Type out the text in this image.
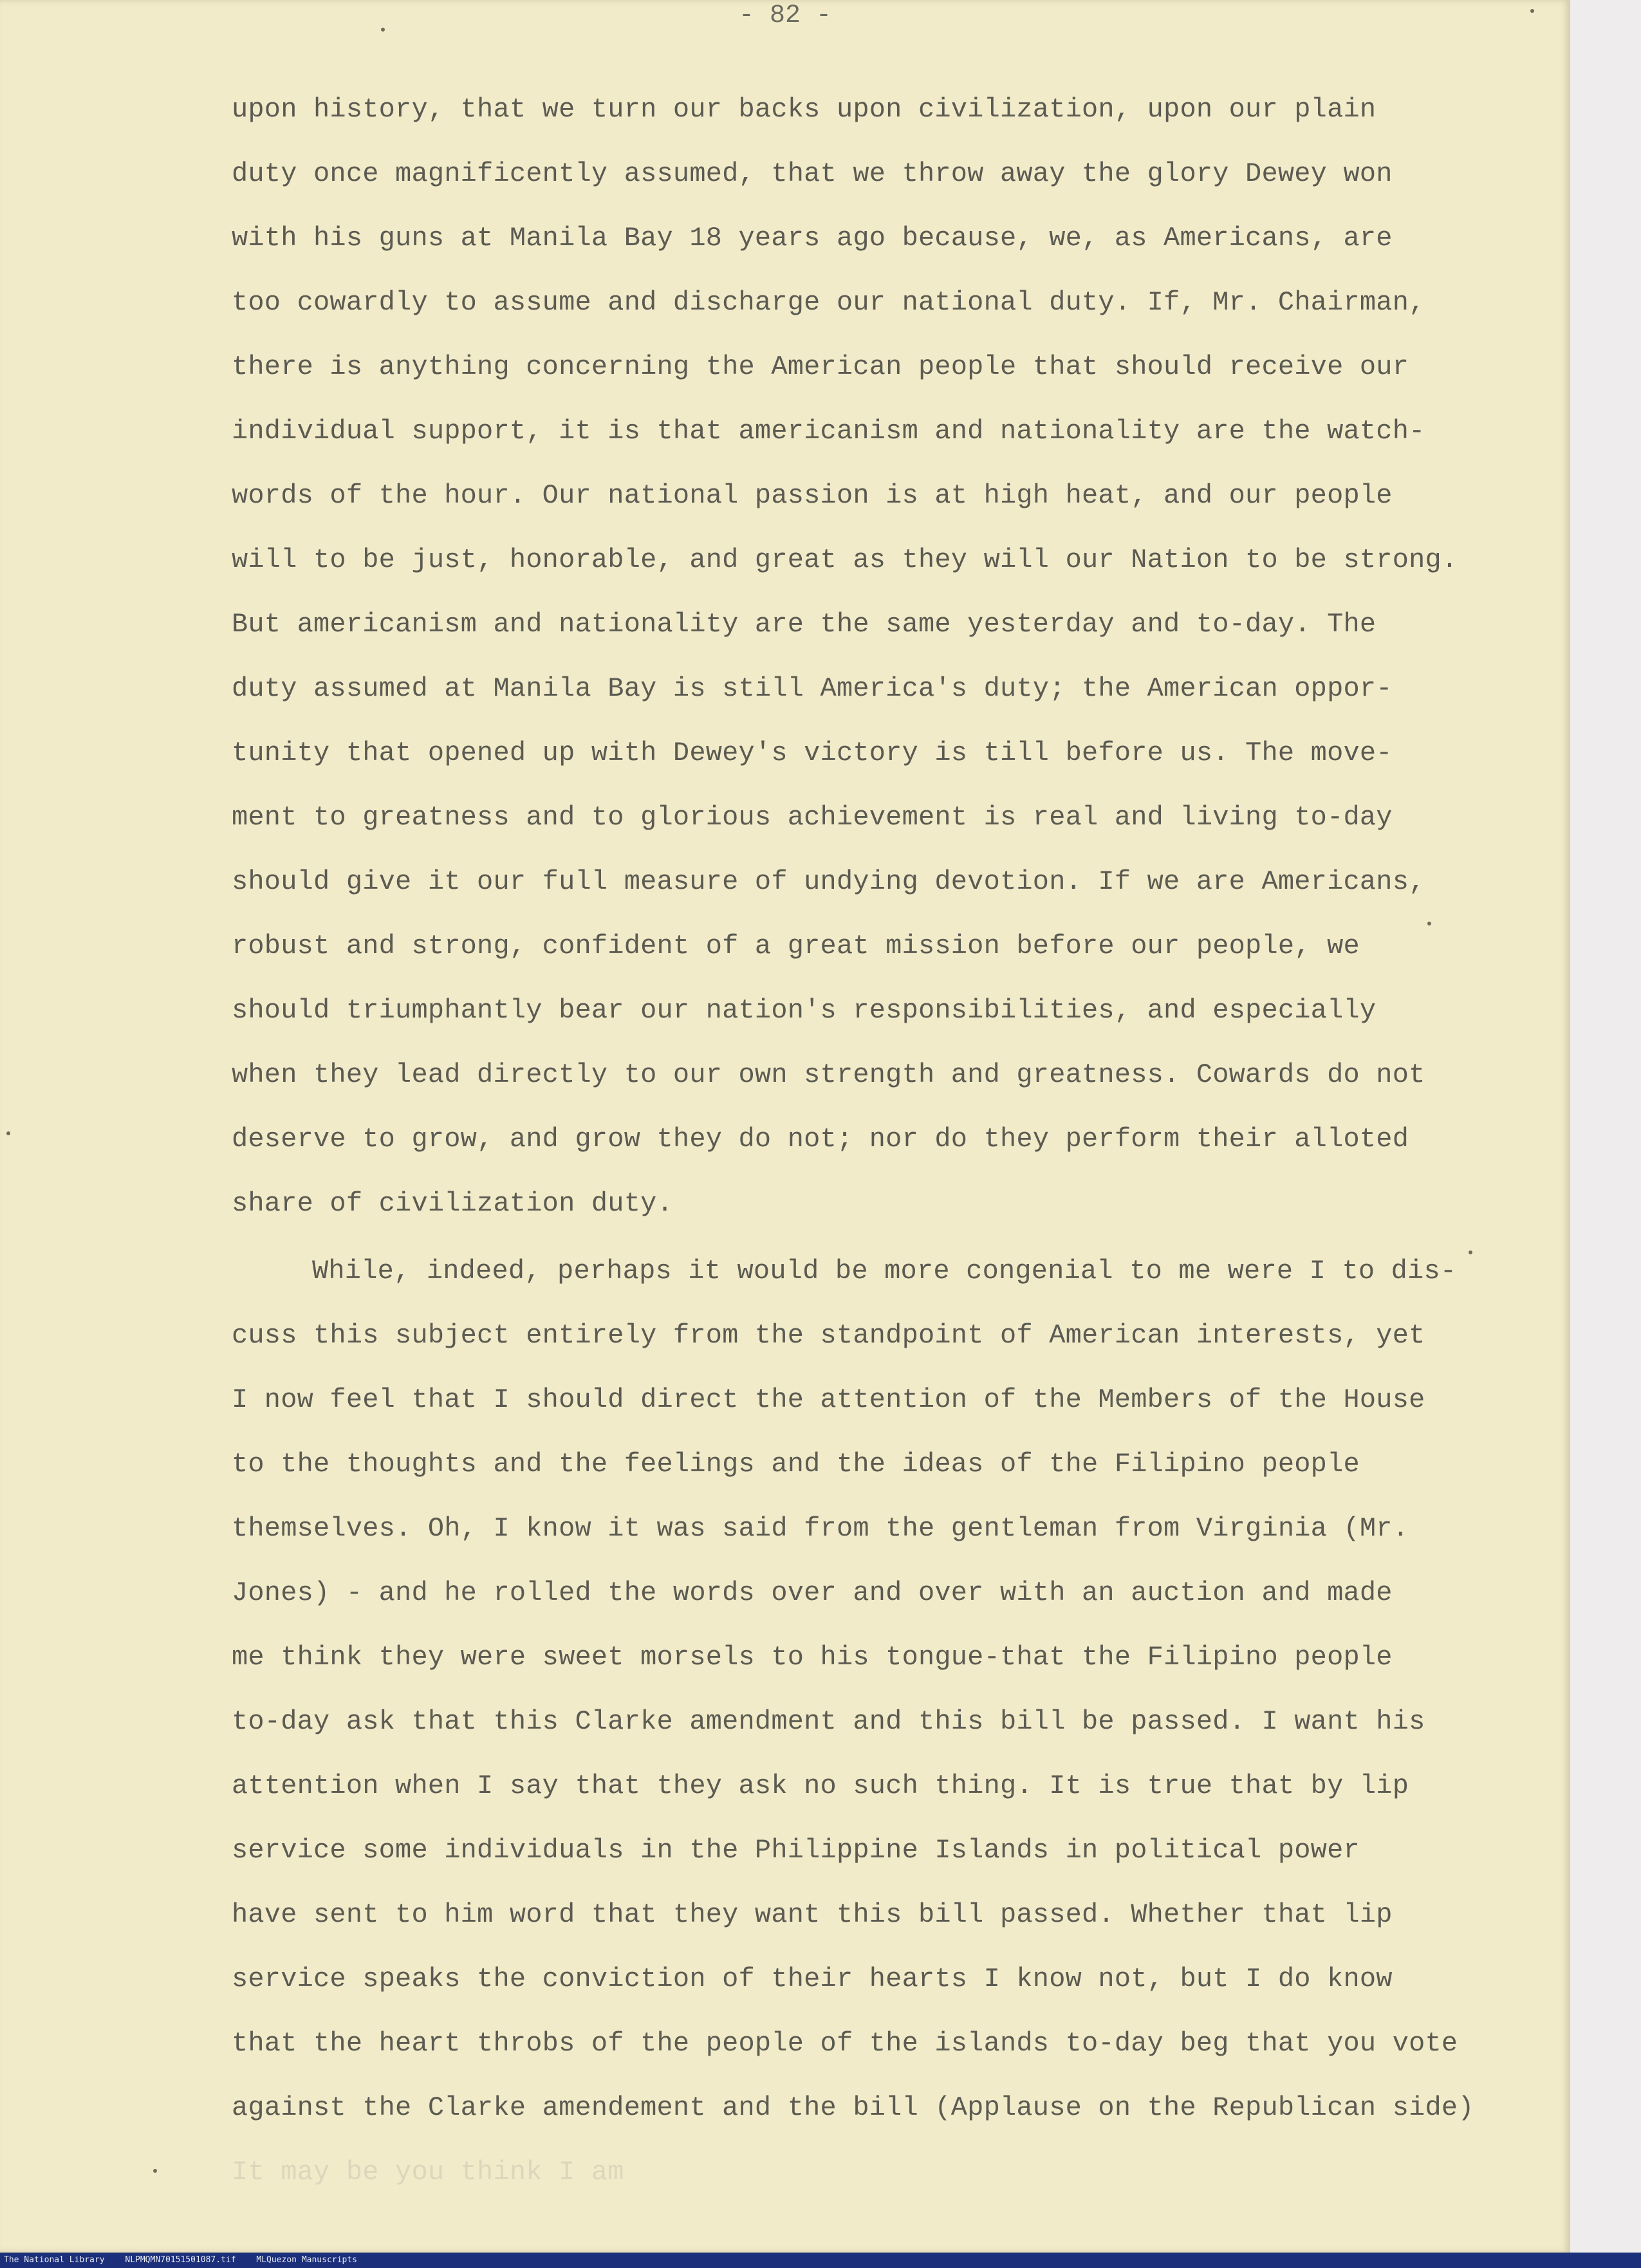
- 82 -
upon history, that we turn our backs upon civilization, upon our plain
duty once magnificently assumed, that we throw away the glory Dewey won
with his guns at Manila Bay 18 years ago because, we, as Americans, are
too cowardly to assume and discharge our national duty. If, Mr. Chairman,
there is anything concerning the American people that should receive our
individual support, it is that americanism and nationality are the watch-
words of the hour. Our national passion is at high heat, and our people
will to be just, honorable, and great as they will our Nation to be strong.
But americanism and nationality are the same yesterday and to-day. The
duty assumed at Manila Bay is still America's duty; the American oppor-
tunity that opened up with Dewey's victory is till before us. The move-
ment to greatness and to glorious achievement is real and living to-day
should give it our full measure of undying devotion. If we are Americans,
robust and strong, confident of a great mission before our people, we
should triumphantly bear our nation's responsibilities, and especially
when they lead directly to our own strength and greatness. Cowards do not
deserve to grow, and grow they do not; nor do they perform their alloted
share of civilization duty.
While, indeed, perhaps it would be more congenial to me were I to dis-
cuss this subject entirely from the standpoint of American interests, yet
I now feel that I should direct the attention of the Members of the House
to the thoughts and the feelings and the ideas of the Filipino people
themselves. Oh, I know it was said from the gentleman from Virginia (Mr.
Jones) - and he rolled the words over and over with an auction and made
me think they were sweet morsels to his tongue-that the Filipino people
to-day ask that this Clarke amendment and this bill be passed. I want his
attention when I say that they ask no such thing. It is true that by lip
service some individuals in the Philippine Islands in political power
have sent to him word that they want this bill passed. Whether that lip
service speaks the conviction of their hearts I know not, but I do know
that the heart throbs of the people of the islands to-day beg that you vote
against the Clarke amendement and the bill (Applause on the Republican side)
It may be you think I am
The National Library NLPMQMN70151501087.tif MLQuezon Manuscripts
